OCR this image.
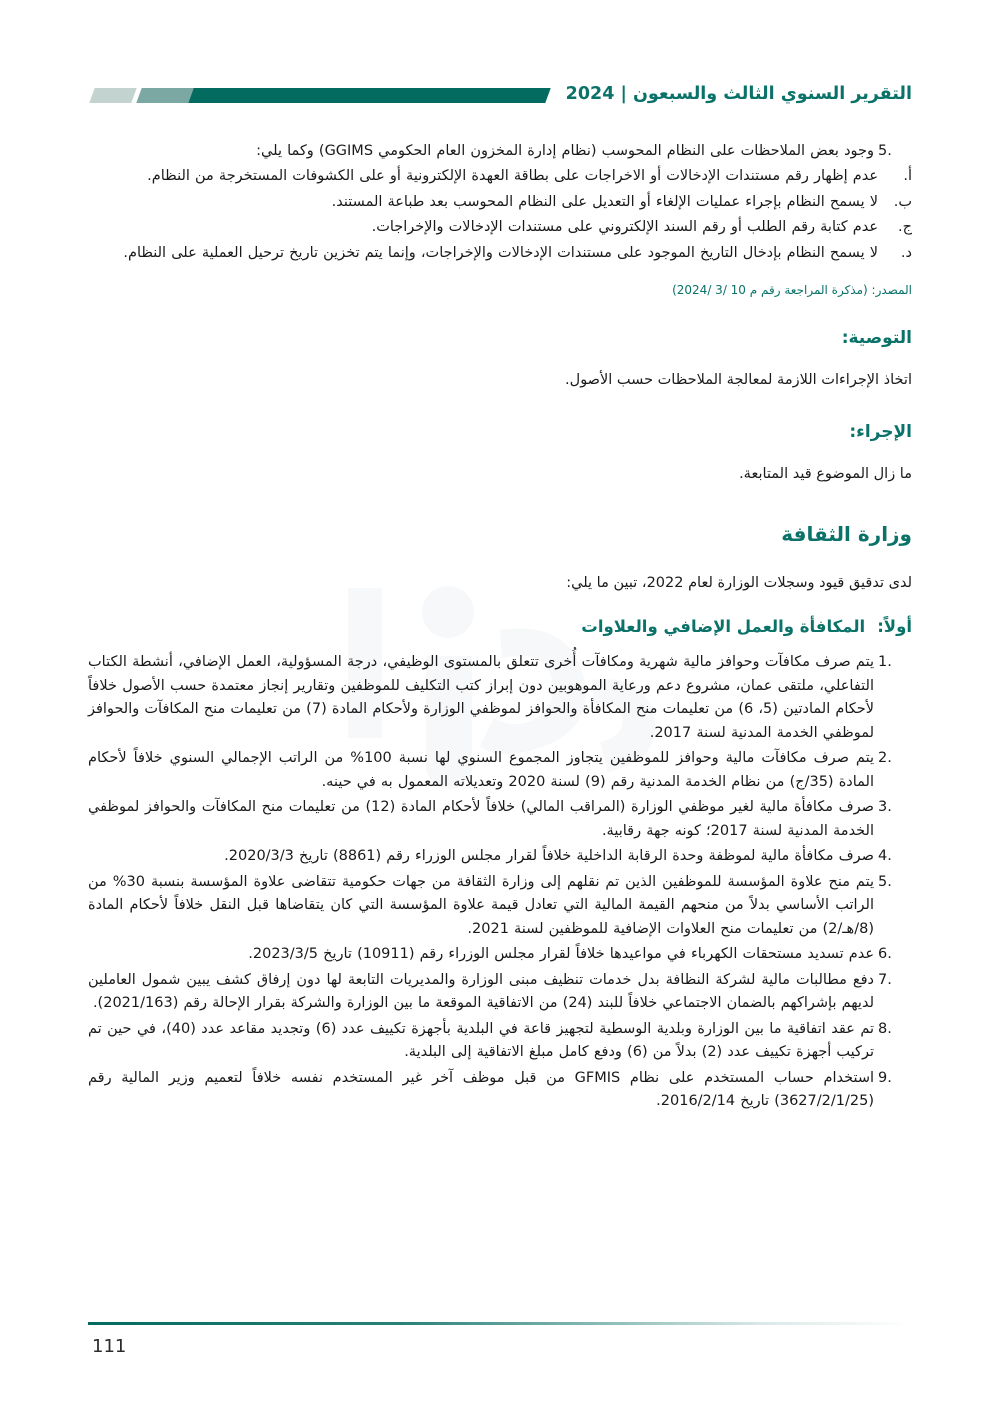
التقرير السنوي الثالث والسبعون | 2024
5.
وجود بعض الملاحظات على النظام المحوسب (نظام إدارة المخزون العام الحكومي GGIMS) وكما يلي:
أ.
عدم إظهار رقم مستندات الإدخالات أو الاخراجات على بطاقة العهدة الإلكترونية أو على الكشوفات المستخرجة من النظام.
ب.
لا يسمح النظام بإجراء عمليات الإلغاء أو التعديل على النظام المحوسب بعد طباعة المستند.
ج.
عدم كتابة رقم الطلب أو رقم السند الإلكتروني على مستندات الإدخالات والإخراجات.
د.
لا يسمح النظام بإدخال التاريخ الموجود على مستندات الإدخالات والإخراجات، وإنما يتم تخزين تاريخ ترحيل العملية على النظام.

المصدر: (مذكرة المراجعة رقم م 10 /3 /2024)

التوصية:

اتخاذ الإجراءات اللازمة لمعالجة الملاحظات حسب الأصول.

الإجراء:

ما زال الموضوع قيد المتابعة.

وزارة الثقافة

لدى تدقيق قيود وسجلات الوزارة لعام 2022، تبين ما يلي:

أولاً:المكافأة والعمل الإضافي والعلاوات
1.
يتم صرف مكافآت وحوافز مالية شهرية ومكافآت أُخرى تتعلق بالمستوى الوظيفي، درجة المسؤولية، العمل الإضافي، أنشطة الكتاب التفاعلي، ملتقى عمان، مشروع دعم ورعاية الموهوبين دون إبراز كتب التكليف للموظفين وتقارير إنجاز معتمدة حسب الأصول خلافاً لأحكام المادتين (5، 6) من تعليمات منح المكافأة والحوافز لموظفي الوزارة ولأحكام المادة (7) من تعليمات منح المكافآت والحوافز لموظفي الخدمة المدنية لسنة 2017.
2.
يتم صرف مكافآت مالية وحوافز للموظفين يتجاوز المجموع السنوي لها نسبة 100% من الراتب الإجمالي السنوي خلافاً لأحكام المادة (35/ج) من نظام الخدمة المدنية رقم (9) لسنة 2020 وتعديلاته المعمول به في حينه.
3.
صرف مكافأة مالية لغير موظفي الوزارة (المراقب المالي) خلافاً لأحكام المادة (12) من تعليمات منح المكافآت والحوافز لموظفي الخدمة المدنية لسنة 2017؛ كونه جهة رقابية.
4.
صرف مكافأة مالية لموظفة وحدة الرقابة الداخلية خلافاً لقرار مجلس الوزراء رقم (8861) تاريخ 2020/3/3.
5.
يتم منح علاوة المؤسسة للموظفين الذين تم نقلهم إلى وزارة الثقافة من جهات حكومية تتقاضى علاوة المؤسسة بنسبة 30% من الراتب الأساسي بدلاً من منحهم القيمة المالية التي تعادل قيمة علاوة المؤسسة التي كان يتقاضاها قبل النقل خلافاً لأحكام المادة (8/هـ/2) من تعليمات منح العلاوات الإضافية للموظفين لسنة 2021.
6.
عدم تسديد مستحقات الكهرباء في مواعيدها خلافاً لقرار مجلس الوزراء رقم (10911) تاريخ 2023/3/5.
7.
دفع مطالبات مالية لشركة النظافة بدل خدمات تنظيف مبنى الوزارة والمديريات التابعة لها دون إرفاق كشف يبين شمول العاملين لديهم بإشراكهم بالضمان الاجتماعي خلافاً للبند (24) من الاتفاقية الموقعة ما بين الوزارة والشركة بقرار الإحالة رقم (2021/163).
8.
تم عقد اتفاقية ما بين الوزارة وبلدية الوسطية لتجهيز قاعة في البلدية بأجهزة تكييف عدد (6) وتجديد مقاعد عدد (40)، في حين تم تركيب أجهزة تكييف عدد (2) بدلاً من (6) ودفع كامل مبلغ الاتفاقية إلى البلدية.
9.
استخدام حساب المستخدم على نظام GFMIS من قبل موظف آخر غير المستخدم نفسه خلافاً لتعميم وزير المالية رقم (3627/2/1/25) تاريخ 2016/2/14.
111
